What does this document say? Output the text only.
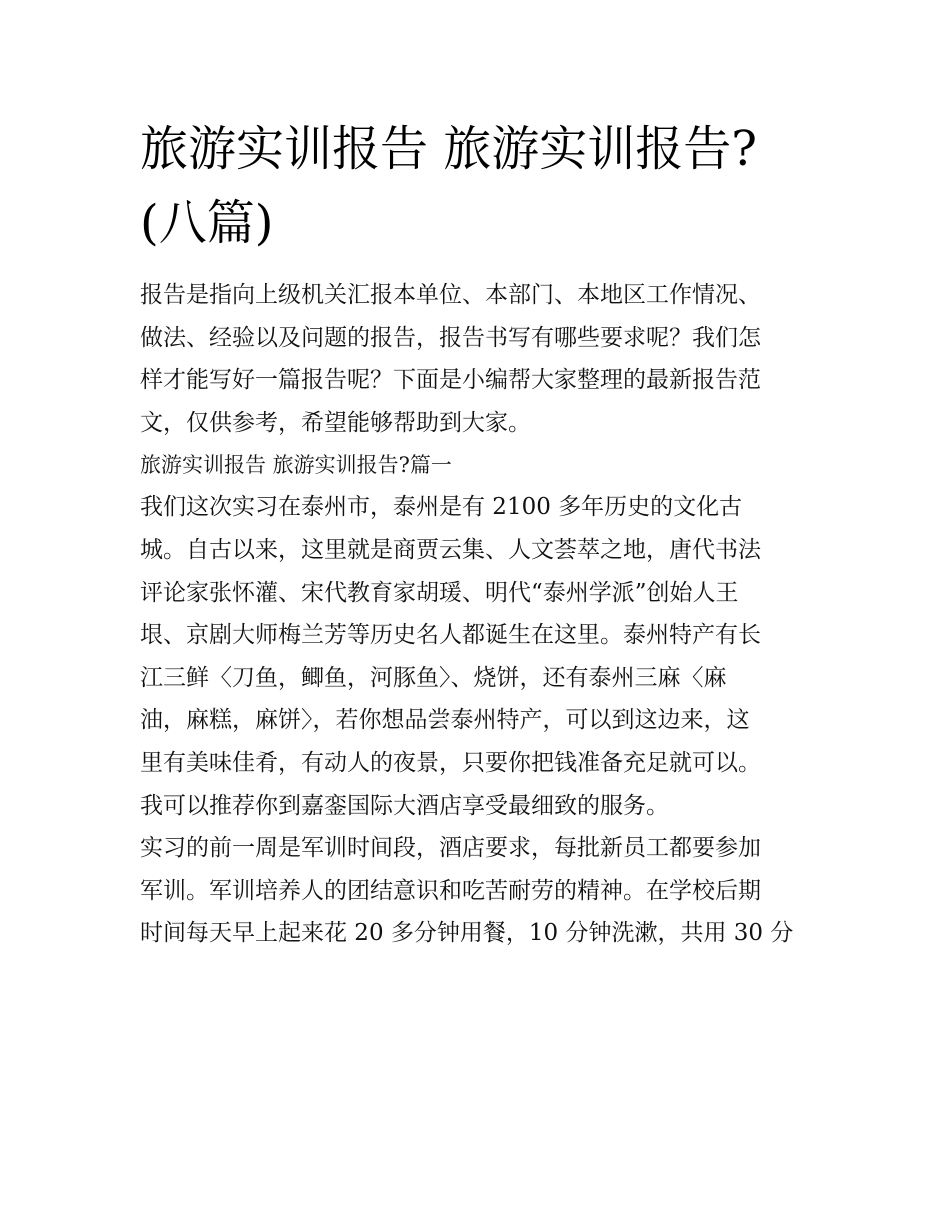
旅游实训报告 旅游实训报告?
(八篇)

报告是指向上级机关汇报本单位、本部门、本地区工作情况、
做法、经验以及问题的报告，报告书写有哪些要求呢？我们怎
样才能写好一篇报告呢？下面是小编帮大家整理的最新报告范
文，仅供参考，希望能够帮助到大家。

旅游实训报告 旅游实训报告?篇一

我们这次实习在泰州市，泰州是有 2100 多年历史的文化古
城。自古以来，这里就是商贾云集、人文荟萃之地，唐代书法
评论家张怀灌、宋代教育家胡瑗、明代“泰州学派”创始人王
垠、京剧大师梅兰芳等历史名人都诞生在这里。泰州特产有长
江三鲜〈刀鱼，鲫鱼，河豚鱼〉、烧饼，还有泰州三麻〈麻
油，麻糕，麻饼〉，若你想品尝泰州特产，可以到这边来，这
里有美味佳肴，有动人的夜景，只要你把钱准备充足就可以。
我可以推荐你到嘉銮国际大酒店享受最细致的服务。

实习的前一周是军训时间段，酒店要求，每批新员工都要参加
军训。军训培养人的团结意识和吃苦耐劳的精神。在学校后期
时间每天早上起来花 20 多分钟用餐，10 分钟洗漱，共用 30 分
